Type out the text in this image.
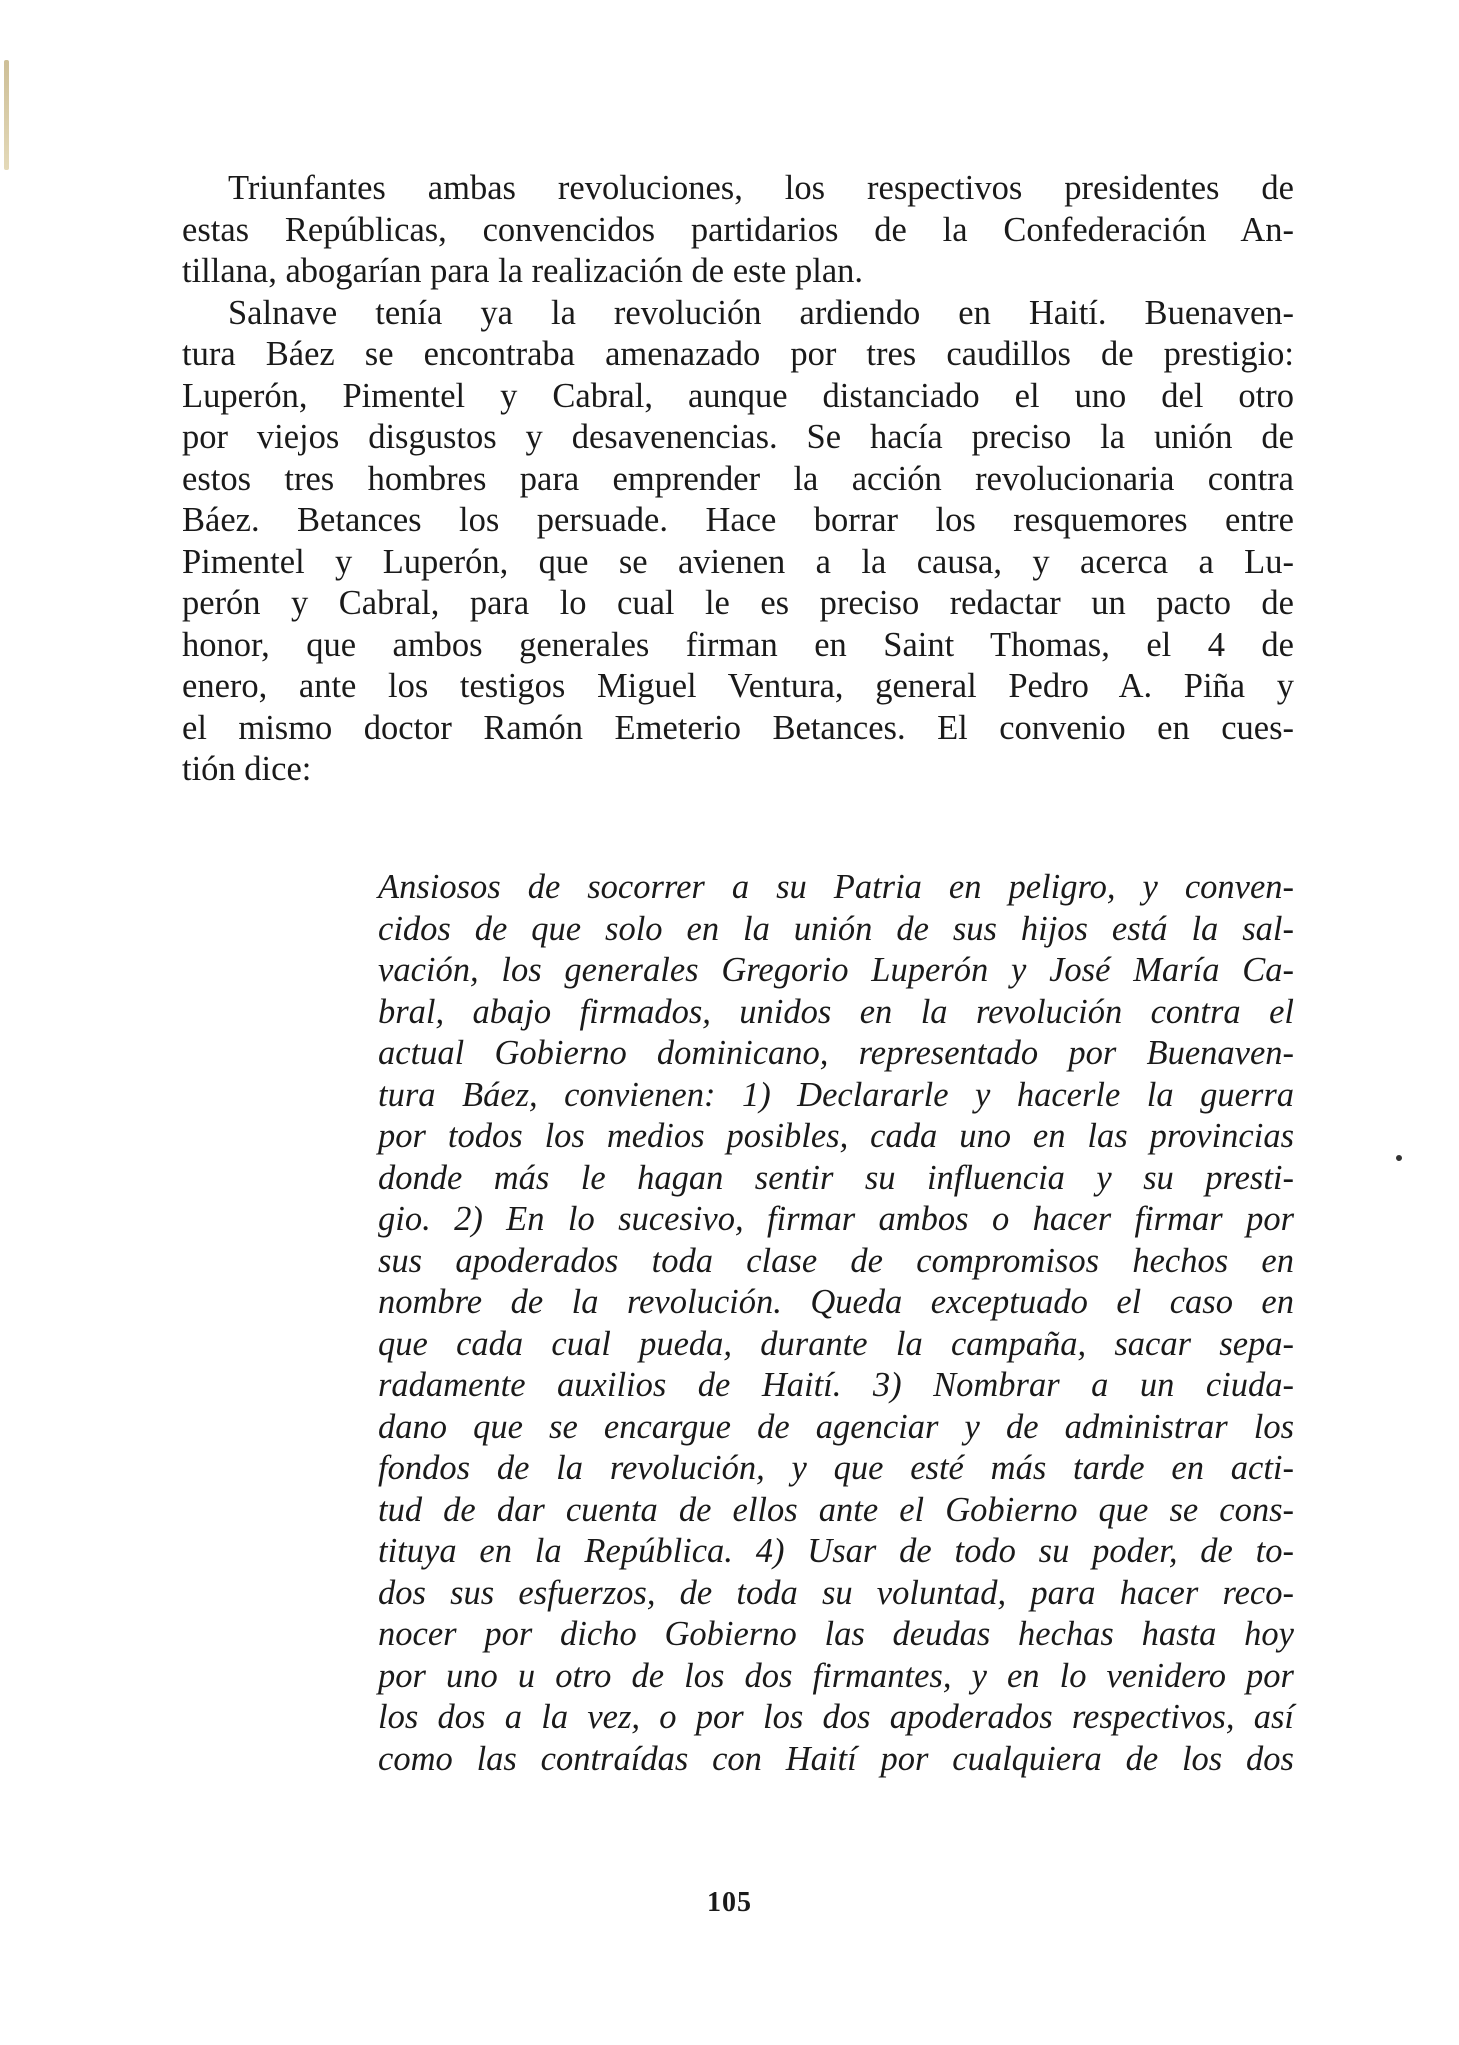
Triunfantes ambas revoluciones, los respectivos presidentes de
estas Repúblicas, convencidos partidarios de la Confederación An-
tillana, abogarían para la realización de este plan.
Salnave tenía ya la revolución ardiendo en Haití. Buenaven-
tura Báez se encontraba amenazado por tres caudillos de prestigio:
Luperón, Pimentel y Cabral, aunque distanciado el uno del otro
por viejos disgustos y desavenencias. Se hacía preciso la unión de
estos tres hombres para emprender la acción revolucionaria contra
Báez. Betances los persuade. Hace borrar los resquemores entre
Pimentel y Luperón, que se avienen a la causa, y acerca a Lu-
perón y Cabral, para lo cual le es preciso redactar un pacto de
honor, que ambos generales firman en Saint Thomas, el 4 de
enero, ante los testigos Miguel Ventura, general Pedro A. Piña y
el mismo doctor Ramón Emeterio Betances. El convenio en cues-
tión dice:
Ansiosos de socorrer a su Patria en peligro, y conven-
cidos de que solo en la unión de sus hijos está la sal-
vación, los generales Gregorio Luperón y José María Ca-
bral, abajo firmados, unidos en la revolución contra el
actual Gobierno dominicano, representado por Buenaven-
tura Báez, convienen: 1) Declararle y hacerle la guerra
por todos los medios posibles, cada uno en las provincias
donde más le hagan sentir su influencia y su presti-
gio. 2) En lo sucesivo, firmar ambos o hacer firmar por
sus apoderados toda clase de compromisos hechos en
nombre de la revolución. Queda exceptuado el caso en
que cada cual pueda, durante la campaña, sacar sepa-
radamente auxilios de Haití. 3) Nombrar a un ciuda-
dano que se encargue de agenciar y de administrar los
fondos de la revolución, y que esté más tarde en acti-
tud de dar cuenta de ellos ante el Gobierno que se cons-
tituya en la República. 4) Usar de todo su poder, de to-
dos sus esfuerzos, de toda su voluntad, para hacer reco-
nocer por dicho Gobierno las deudas hechas hasta hoy
por uno u otro de los dos firmantes, y en lo venidero por
los dos a la vez, o por los dos apoderados respectivos, así
como las contraídas con Haití por cualquiera de los dos
105
